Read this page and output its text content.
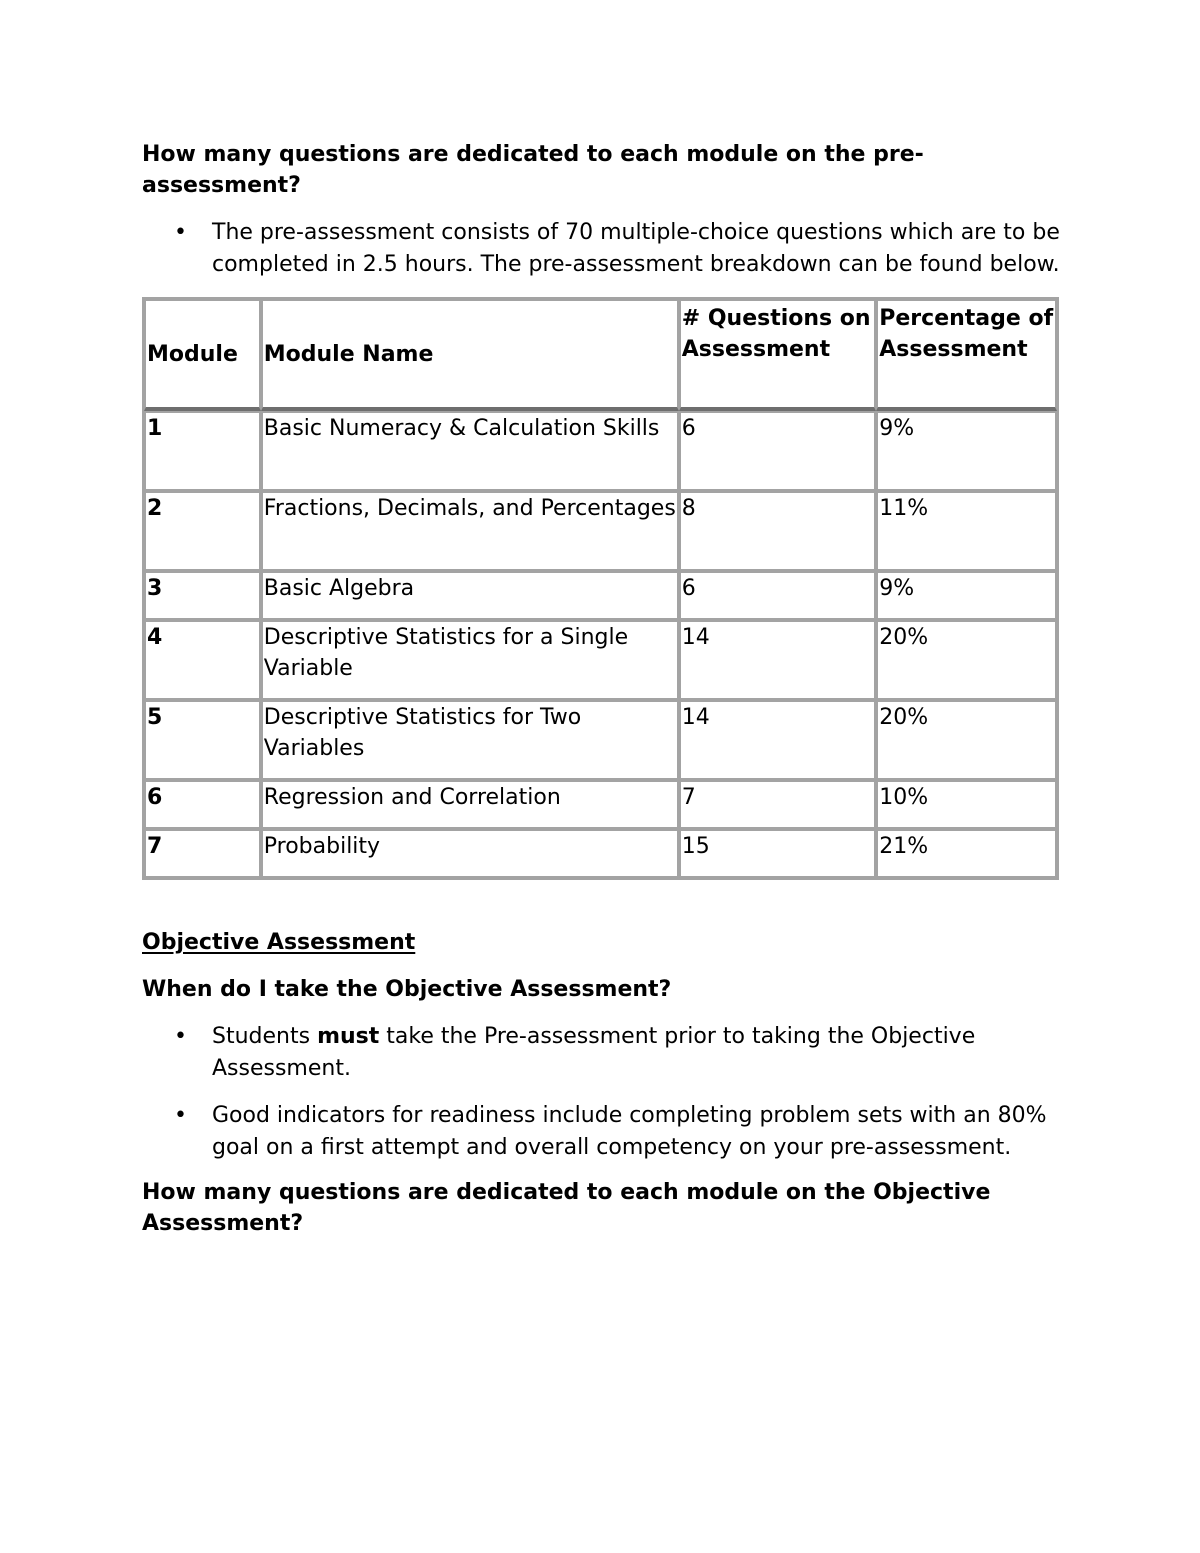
How many questions are dedicated to each module on the pre-
assessment?

• The pre-assessment consists of 70 multiple-choice questions which are to be completed in 2.5 hours. The pre-assessment breakdown can be found below.
Module	Module Name	# Questions on Assessment	Percentage of Assessment
1	Basic Numeracy & Calculation Skills	6	9%
2	Fractions, Decimals, and Percentages	8	11%
3	Basic Algebra	6	9%
4	Descriptive Statistics for a Single Variable	14	20%
5	Descriptive Statistics for Two Variables	14	20%
6	Regression and Correlation	7	10%
7	Probability	15	21%

Objective Assessment

When do I take the Objective Assessment?

• Students must take the Pre-assessment prior to taking the Objective Assessment.
• Good indicators for readiness include completing problem sets with an 80% goal on a first attempt and overall competency on your pre-assessment.

How many questions are dedicated to each module on the Objective Assessment?
